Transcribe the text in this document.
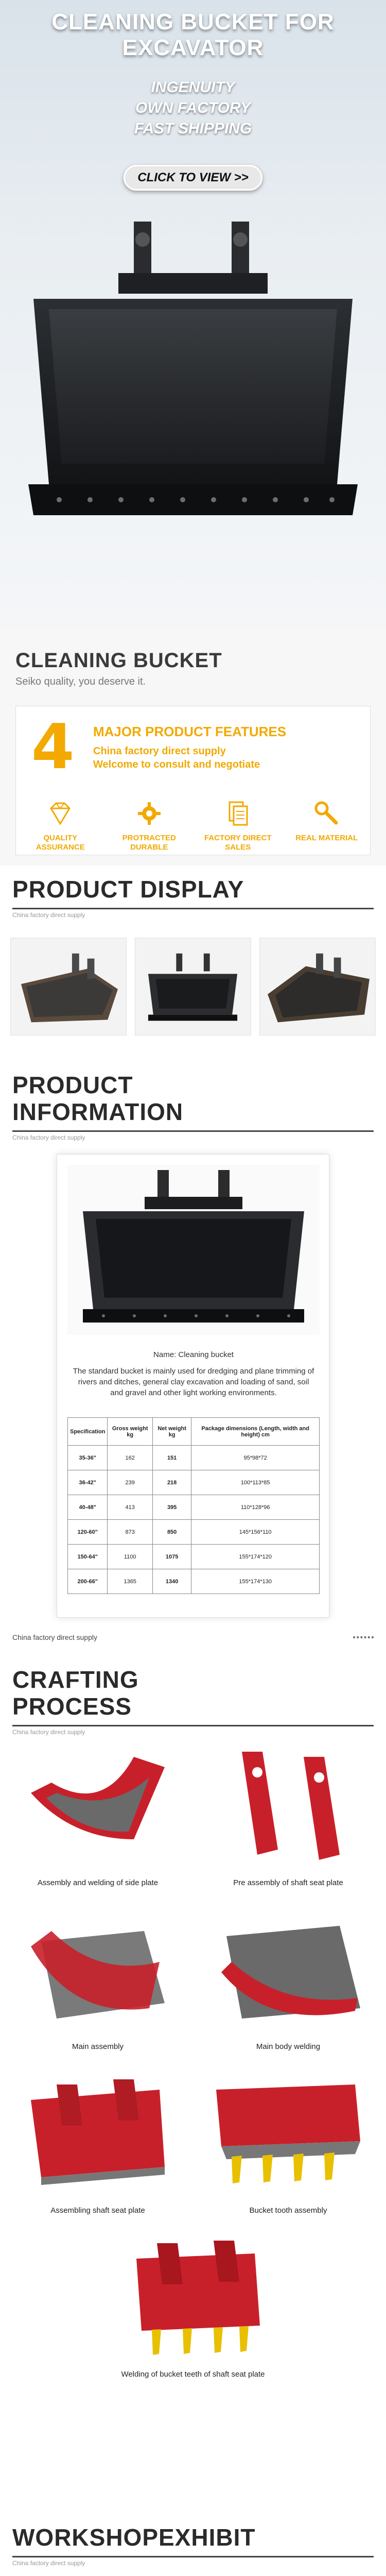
CLEANING BUCKET FOR EXCAVATOR
INGENUITY
OWN FACTORY
FAST SHIPPING
CLICK TO VIEW >>
CLEANING BUCKET
Seiko quality, you deserve it.
4 MAJOR PRODUCT FEATURES
China factory direct supply
Welcome to consult and negotiate
QUALITY ASSURANCE
PROTRACTED DURABLE
FACTORY DIRECT SALES
REAL MATERIAL
PRODUCT DISPLAY
China factory direct supply
PRODUCT
INFORMATION
China factory direct supply
Name: Cleaning bucket
The standard bucket is mainly used for dredging and plane trimming of rivers and ditches, general clay excavation and loading of sand, soil and gravel and other light working environments.
Specification	Gross weight kg	Net weight kg	Package dimensions (Length, width and height) cm
35-36"	162	151	95*98*72
36-42"	239	218	100*113*85
40-48"	413	395	110*128*96
120-60"	873	850	145*156*110
150-64"	1100	1075	155*174*120
200-66"	1365	1340	155*174*130
China factory direct supply
CRAFTING
PROCESS
China factory direct supply
Assembly and welding of side plate	Pre assembly of shaft seat plate
Main assembly	Main body welding
Assembling shaft seat plate	Bucket tooth assembly
Welding of bucket teeth of shaft seat plate
WORKSHOPEXHIBIT
China factory direct supply
